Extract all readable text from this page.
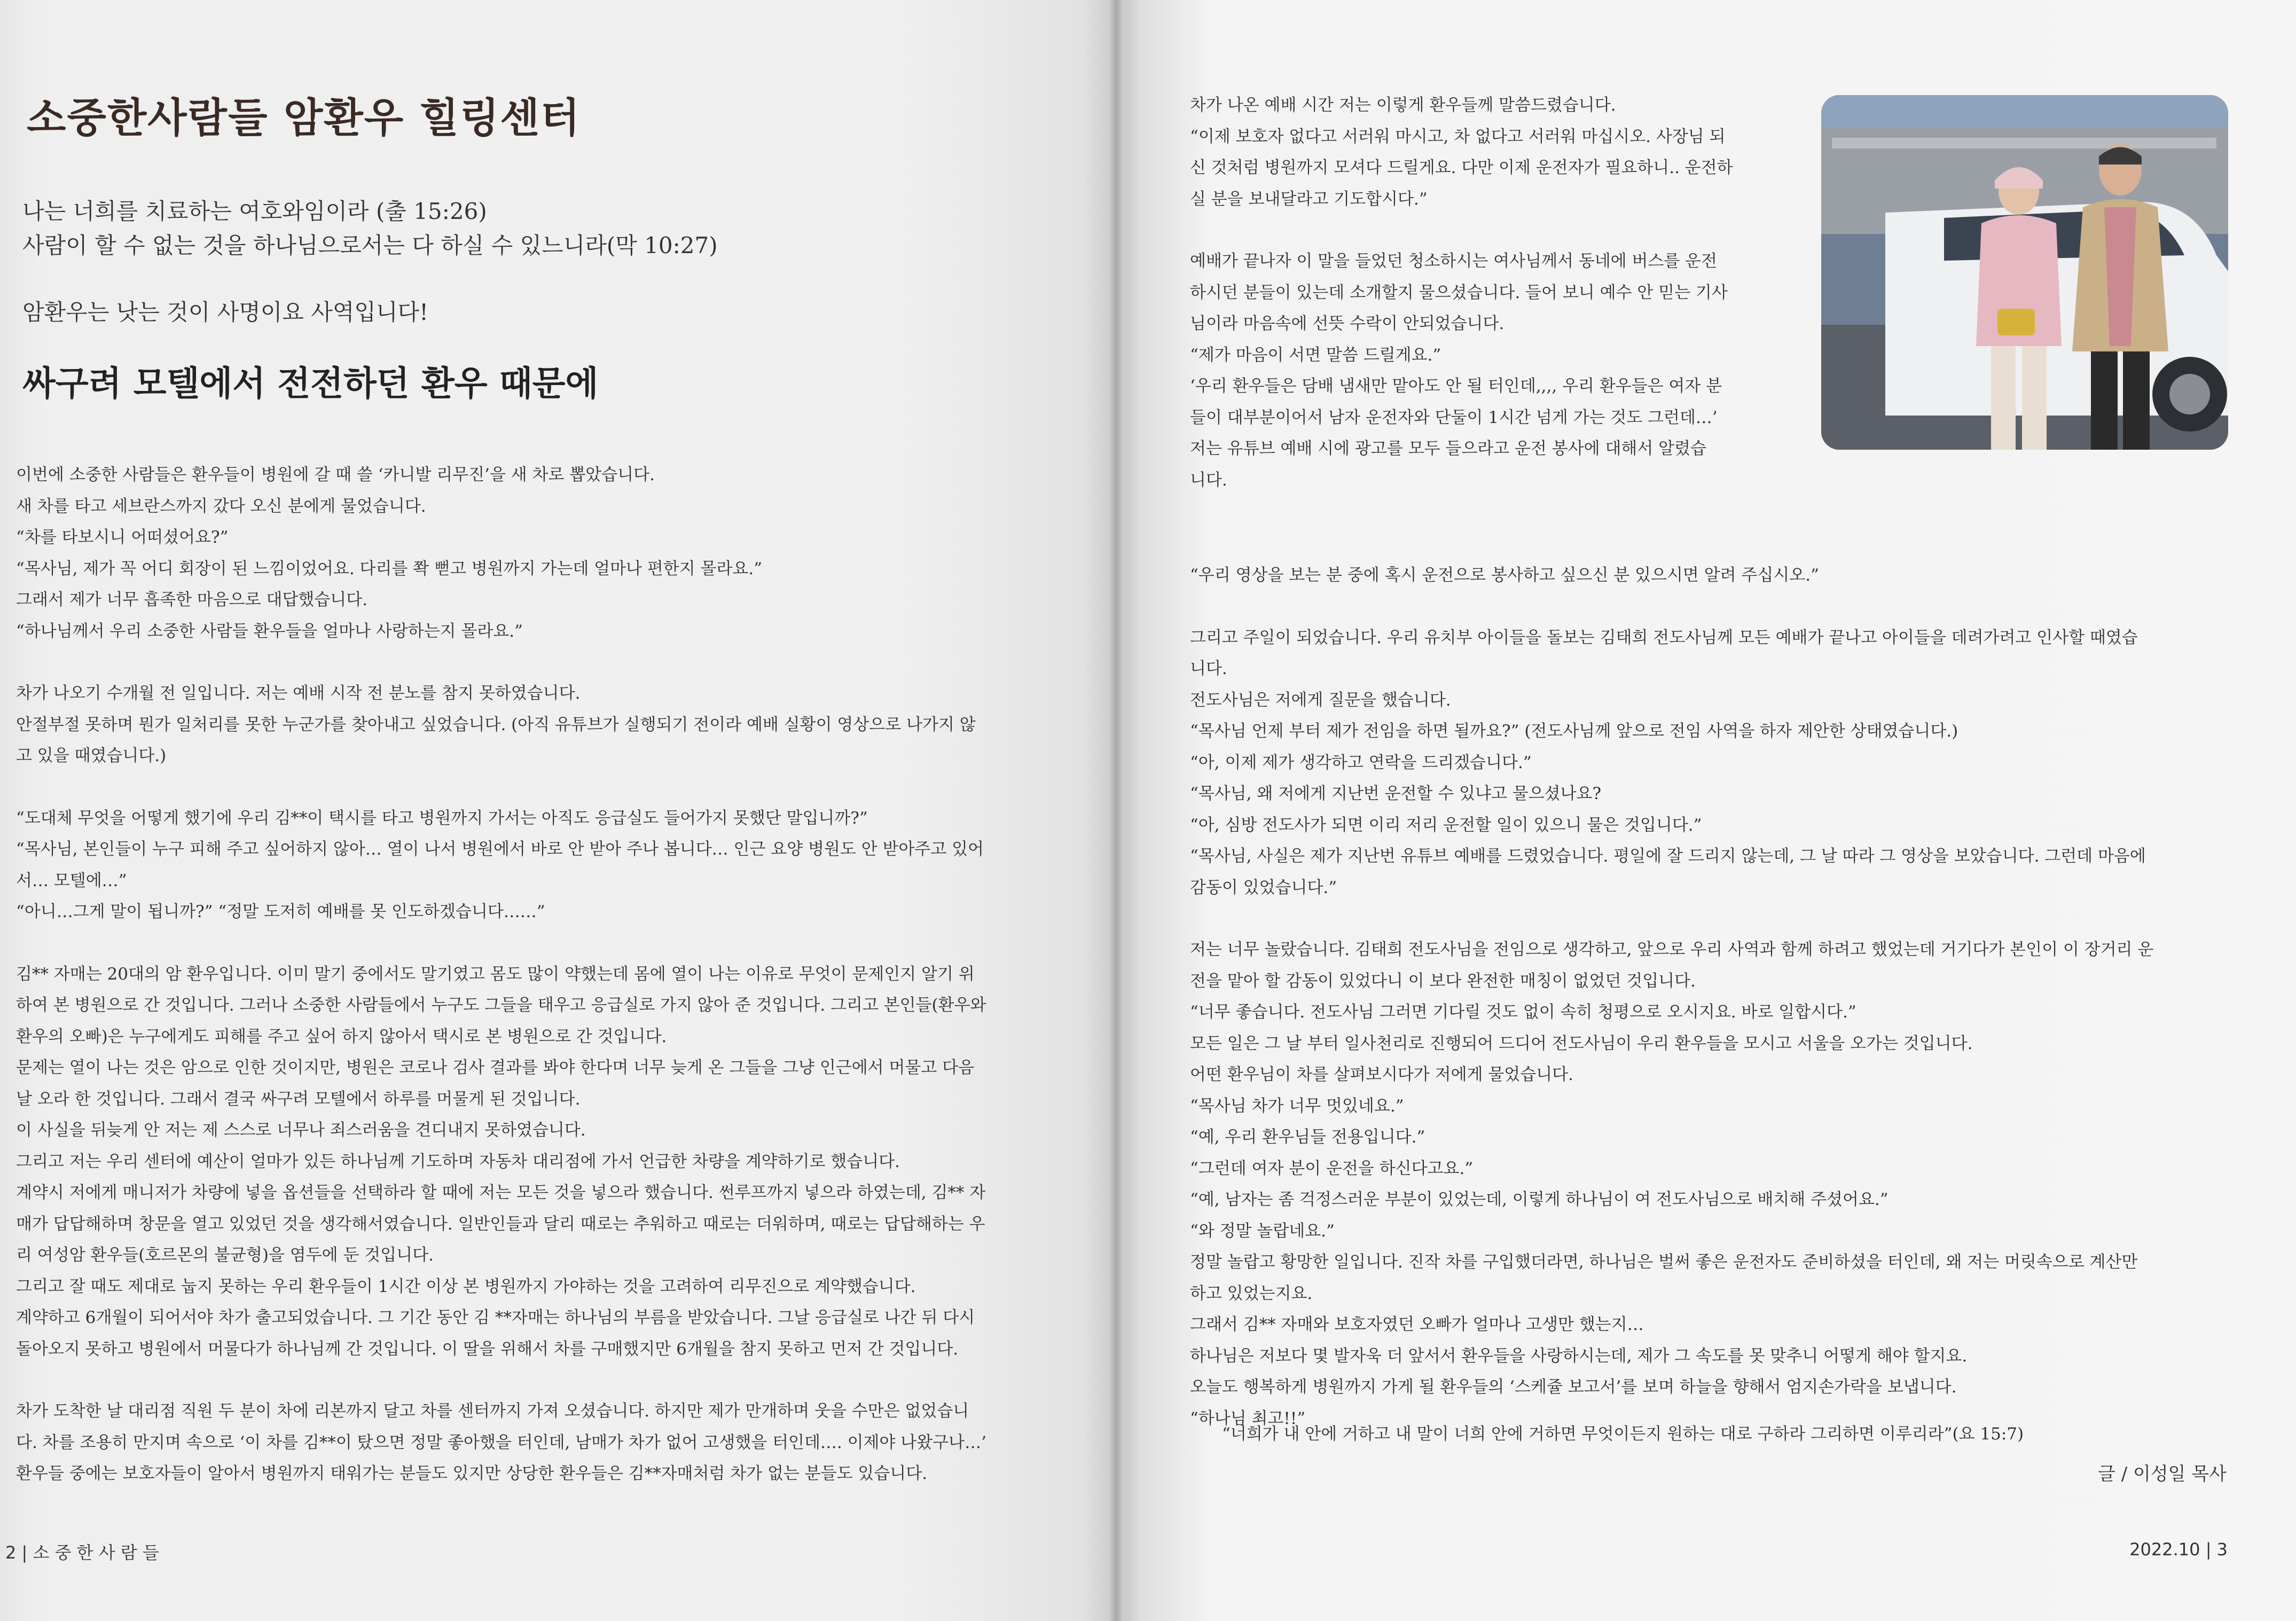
소중한사람들 암환우 힐링센터

나는 너희를 치료하는 여호와임이라 (출 15:26)

사람이 할 수 없는 것을 하나님으로서는 다 하실 수 있느니라(막 10:27)

암환우는 낫는 것이 사명이요 사역입니다!

싸구려 모텔에서 전전하던 환우 때문에

이번에 소중한 사람들은 환우들이 병원에 갈 때 쓸 ‘카니발 리무진’을 새 차로 뽑았습니다.

새 차를 타고 세브란스까지 갔다 오신 분에게 물었습니다.

“차를 타보시니 어떠셨어요?”

“목사님, 제가 꼭 어디 회장이 된 느낌이었어요. 다리를 쫙 뻗고 병원까지 가는데 얼마나 편한지 몰라요.”

그래서 제가 너무 흡족한 마음으로 대답했습니다.

“하나님께서 우리 소중한 사람들 환우들을 얼마나 사랑하는지 몰라요.”

차가 나오기 수개월 전 일입니다. 저는 예배 시작 전 분노를 참지 못하였습니다.

안절부절 못하며 뭔가 일처리를 못한 누군가를 찾아내고 싶었습니다. (아직 유튜브가 실행되기 전이라 예배 실황이 영상으로 나가지 않

고 있을 때였습니다.)

“도대체 무엇을 어떻게 했기에 우리 김**이 택시를 타고 병원까지 가서는 아직도 응급실도 들어가지 못했단 말입니까?”

“목사님, 본인들이 누구 피해 주고 싶어하지 않아… 열이 나서 병원에서 바로 안 받아 주나 봅니다… 인근 요양 병원도 안 받아주고 있어

서… 모텔에…”

“아니…그게 말이 됩니까?” “정말 도저히 예배를 못 인도하겠습니다……”

김** 자매는 20대의 암 환우입니다. 이미 말기 중에서도 말기였고 몸도 많이 약했는데 몸에 열이 나는 이유로 무엇이 문제인지 알기 위

하여 본 병원으로 간 것입니다. 그러나 소중한 사람들에서 누구도 그들을 태우고 응급실로 가지 않아 준 것입니다. 그리고 본인들(환우와

환우의 오빠)은 누구에게도 피해를 주고 싶어 하지 않아서 택시로 본 병원으로 간 것입니다.

문제는 열이 나는 것은 암으로 인한 것이지만, 병원은 코로나 검사 결과를 봐야 한다며 너무 늦게 온 그들을 그냥 인근에서 머물고 다음

날 오라 한 것입니다. 그래서 결국 싸구려 모텔에서 하루를 머물게 된 것입니다.

이 사실을 뒤늦게 안 저는 제 스스로 너무나 죄스러움을 견디내지 못하였습니다.

그리고 저는 우리 센터에 예산이 얼마가 있든 하나님께 기도하며 자동차 대리점에 가서 언급한 차량을 계약하기로 했습니다.

계약시 저에게 매니저가 차량에 넣을 옵션들을 선택하라 할 때에 저는 모든 것을 넣으라 했습니다. 썬루프까지 넣으라 하였는데, 김** 자

매가 답답해하며 창문을 열고 있었던 것을 생각해서였습니다. 일반인들과 달리 때로는 추워하고 때로는 더워하며, 때로는 답답해하는 우

리 여성암 환우들(호르몬의 불균형)을 염두에 둔 것입니다.

그리고 잘 때도 제대로 눕지 못하는 우리 환우들이 1시간 이상 본 병원까지 가야하는 것을 고려하여 리무진으로 계약했습니다.

계약하고 6개월이 되어서야 차가 출고되었습니다. 그 기간 동안 김 **자매는 하나님의 부름을 받았습니다. 그날 응급실로 나간 뒤 다시

돌아오지 못하고 병원에서 머물다가 하나님께 간 것입니다. 이 딸을 위해서 차를 구매했지만 6개월을 참지 못하고 먼저 간 것입니다.

차가 도착한 날 대리점 직원 두 분이 차에 리본까지 달고 차를 센터까지 가져 오셨습니다. 하지만 제가 만개하며 웃을 수만은 없었습니

다. 차를 조용히 만지며 속으로 ‘이 차를 김**이 탔으면 정말 좋아했을 터인데, 남매가 차가 없어 고생했을 터인데…. 이제야 나왔구나…’

환우들 중에는 보호자들이 알아서 병원까지 태워가는 분들도 있지만 상당한 환우들은 김**자매처럼 차가 없는 분들도 있습니다.

차가 나온 예배 시간 저는 이렇게 환우들께 말씀드렸습니다.

“이제 보호자 없다고 서러워 마시고, 차 없다고 서러워 마십시오. 사장님 되

신 것처럼 병원까지 모셔다 드릴게요. 다만 이제 운전자가 필요하니.. 운전하

실 분을 보내달라고 기도합시다.”

예배가 끝나자 이 말을 들었던 청소하시는 여사님께서 동네에 버스를 운전

하시던 분들이 있는데 소개할지 물으셨습니다. 들어 보니 예수 안 믿는 기사

님이라 마음속에 선뜻 수락이 안되었습니다.

“제가 마음이 서면 말씀 드릴게요.”

‘우리 환우들은 담배 냄새만 맡아도 안 될 터인데,,,, 우리 환우들은 여자 분

들이 대부분이어서 남자 운전자와 단둘이 1시간 넘게 가는 것도 그런데…’

저는 유튜브 예배 시에 광고를 모두 들으라고 운전 봉사에 대해서 알렸습

니다.

“우리 영상을 보는 분 중에 혹시 운전으로 봉사하고 싶으신 분 있으시면 알려 주십시오.”

그리고 주일이 되었습니다. 우리 유치부 아이들을 돌보는 김태희 전도사님께 모든 예배가 끝나고 아이들을 데려가려고 인사할 때였습

니다.

전도사님은 저에게 질문을 했습니다.

“목사님 언제 부터 제가 전임을 하면 될까요?” (전도사님께 앞으로 전임 사역을 하자 제안한 상태였습니다.)

“아, 이제 제가 생각하고 연락을 드리겠습니다.”

“목사님, 왜 저에게 지난번 운전할 수 있냐고 물으셨나요?

“아, 심방 전도사가 되면 이리 저리 운전할 일이 있으니 물은 것입니다.”

“목사님, 사실은 제가 지난번 유튜브 예배를 드렸었습니다. 평일에 잘 드리지 않는데, 그 날 따라 그 영상을 보았습니다. 그런데 마음에

감동이 있었습니다.”

저는 너무 놀랐습니다. 김태희 전도사님을 전임으로 생각하고, 앞으로 우리 사역과 함께 하려고 했었는데 거기다가 본인이 이 장거리 운

전을 맡아 할 감동이 있었다니 이 보다 완전한 매칭이 없었던 것입니다.

“너무 좋습니다. 전도사님 그러면 기다릴 것도 없이 속히 청평으로 오시지요. 바로 일합시다.”

모든 일은 그 날 부터 일사천리로 진행되어 드디어 전도사님이 우리 환우들을 모시고 서울을 오가는 것입니다.

어떤 환우님이 차를 살펴보시다가 저에게 물었습니다.

“목사님 차가 너무 멋있네요.”

“예, 우리 환우님들 전용입니다.”

“그런데 여자 분이 운전을 하신다고요.”

“예, 남자는 좀 걱정스러운 부분이 있었는데, 이렇게 하나님이 여 전도사님으로 배치해 주셨어요.”

“와 정말 놀랍네요.”

정말 놀랍고 황망한 일입니다. 진작 차를 구입했더라면, 하나님은 벌써 좋은 운전자도 준비하셨을 터인데, 왜 저는 머릿속으로 계산만

하고 있었는지요.

그래서 김** 자매와 보호자였던 오빠가 얼마나 고생만 했는지…

하나님은 저보다 몇 발자욱 더 앞서서 환우들을 사랑하시는데, 제가 그 속도를 못 맞추니 어떻게 해야 할지요.

오늘도 행복하게 병원까지 가게 될 환우들의 ‘스케쥴 보고서’를 보며 하늘을 향해서 엄지손가락을 보냅니다.

“하나님 최고!!”

“너희가 내 안에 거하고 내 말이 너희 안에 거하면 무엇이든지 원하는 대로 구하라 그리하면 이루리라”(요 15:7)

글 / 이성일 목사
2 | 소 중 한 사 람 들	2022.10 | 3
